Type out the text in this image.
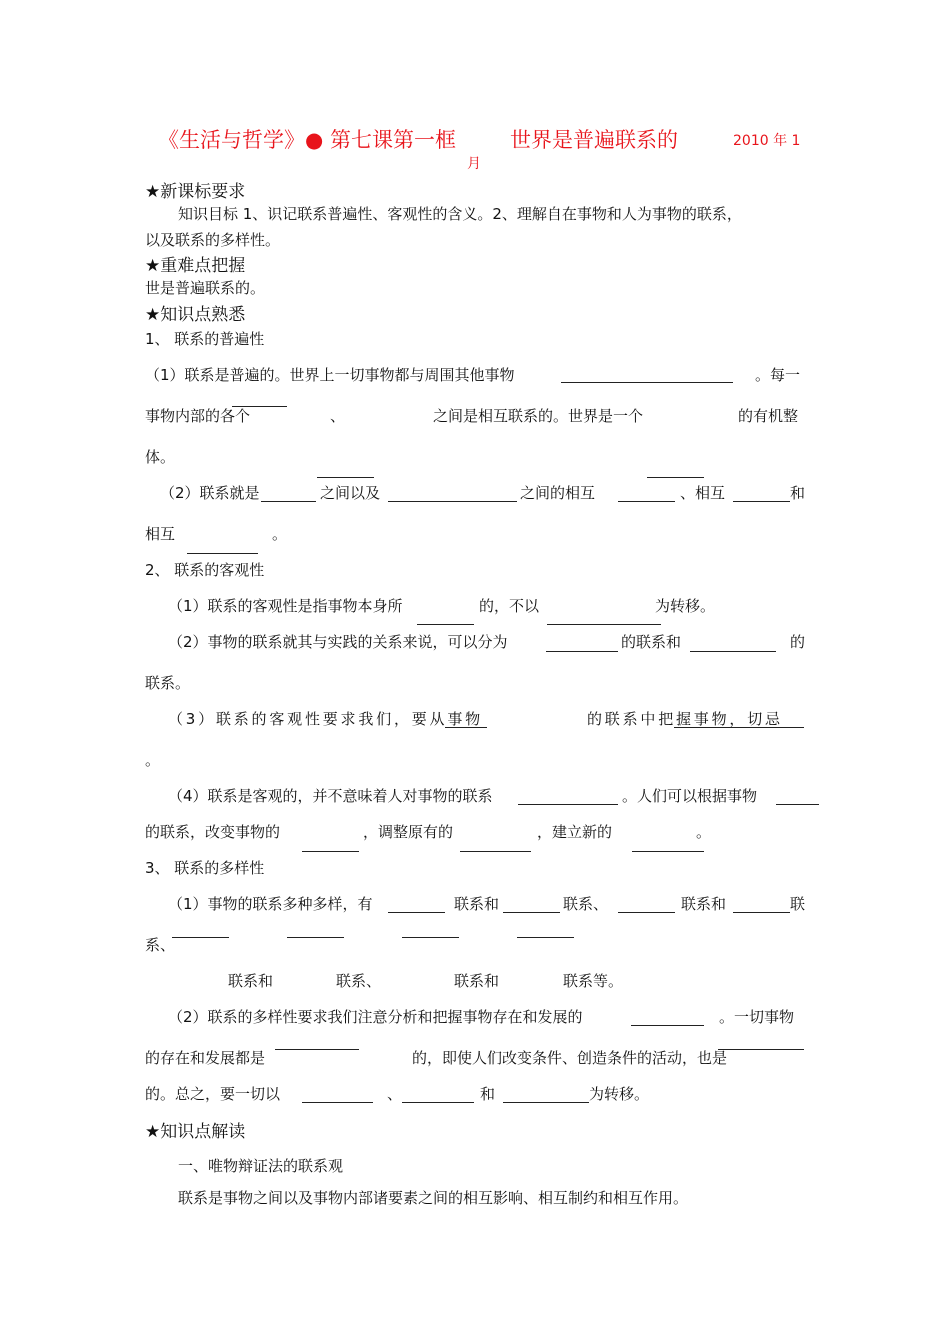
《生活与哲学》● 第七课第一框	世界是普遍联系的	2010 年 1
月
★新课标要求
知识目标 1、识记联系普遍性、客观性的含义。2、理解自在事物和人为事物的联系，
以及联系的多样性。
★重难点把握
世是普遍联系的。
★知识点熟悉
1、 联系的普遍性
（1）联系是普遍的。世界上一切事物都与周围其他事物	。每一
事物内部的各个	、	之间是相互联系的。世界是一个	的有机整
体。
（2）联系就是	之间以及	之间的相互	、相互	和
相互	。
2、 联系的客观性
（1）联系的客观性是指事物本身所	的，不以	为转移。
（2）事物的联系就其与实践的关系来说，可以分为	的联系和	的
联系。
（3）联系的客观性要求我们，要从事物	的联系中把握事物，切忌
。
（4）联系是客观的，并不意味着人对事物的联系	。人们可以根据事物
的联系，改变事物的	，调整原有的	，建立新的	。
3、 联系的多样性
（1）事物的联系多种多样，有	联系和	联系、	联系和	联
系、
联系和	联系、	联系和	联系等。
（2）联系的多样性要求我们注意分析和把握事物存在和发展的	。一切事物
的存在和发展都是	的，即使人们改变条件、创造条件的活动，也是
的。总之，要一切以	、	和	为转移。
★知识点解读
一、唯物辩证法的联系观
联系是事物之间以及事物内部诸要素之间的相互影响、相互制约和相互作用。
